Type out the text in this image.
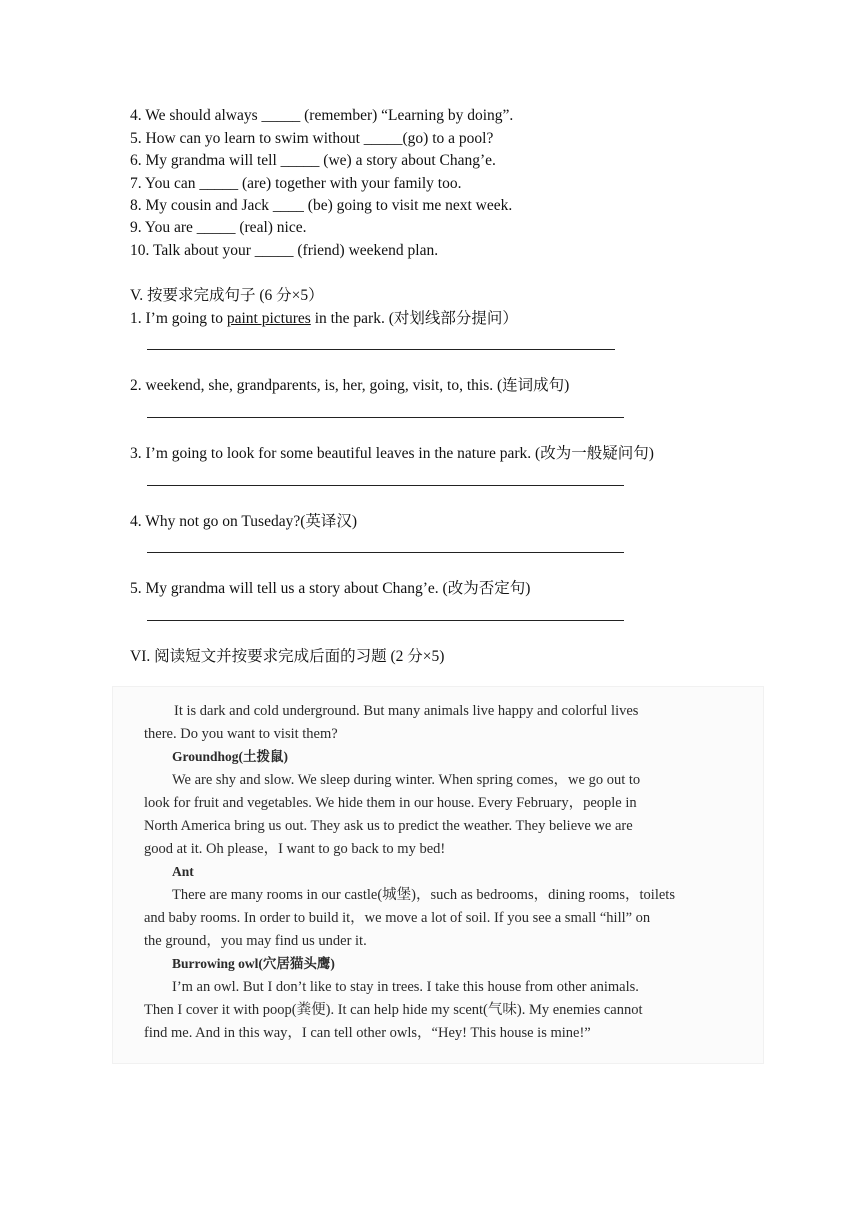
4. We should always _____ (remember) “Learning by doing”.
5. How can yo learn to swim without _____(go) to a pool?
6. My grandma will tell _____ (we) a story about Chang’e.
7. You can _____ (are) together with your family too.
8. My cousin and Jack ____ (be) going to visit me next week.
9. You are _____ (real) nice.
10. Talk about your _____ (friend) weekend plan.
V. 按要求完成句子 (6 分×5）
1. I’m going to paint pictures in the park. (对划线部分提问）
2. weekend, she, grandparents, is, her, going, visit, to, this. (连词成句)
3. I’m going to look for some beautiful leaves in the nature park. (改为一般疑问句)
4. Why not go on Tuseday?(英译汉)
5. My grandma will tell us a story about Chang’e. (改为否定句)
VI. 阅读短文并按要求完成后面的习题 (2 分×5)
It is dark and cold underground. But many animals live happy and colorful lives
there. Do you want to visit them?
Groundhog(土拨鼠)
We are shy and slow. We sleep during winter. When spring comes，we go out to
look for fruit and vegetables. We hide them in our house. Every February，people in
North America bring us out. They ask us to predict the weather. They believe we are
good at it. Oh please，I want to go back to my bed!
Ant
There are many rooms in our castle(城堡)，such as bedrooms，dining rooms，toilets
and baby rooms. In order to build it，we move a lot of soil. If you see a small “hill” on
the ground，you may find us under it.
Burrowing owl(穴居猫头鹰)
I’m an owl. But I don’t like to stay in trees. I take this house from other animals.
Then I cover it with poop(粪便). It can help hide my scent(气味). My enemies cannot
find me. And in this way，I can tell other owls，“Hey! This house is mine!”
